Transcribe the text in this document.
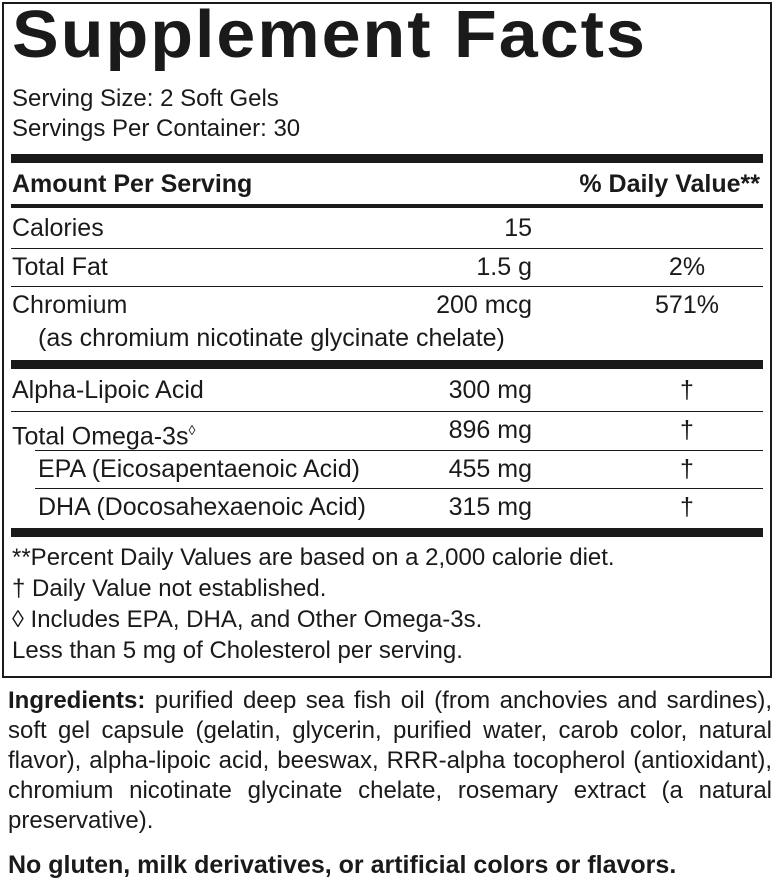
Supplement Facts
Serving Size: 2 Soft Gels
Servings Per Container: 30
Amount Per Serving	% Daily Value**
Calories	15
Total Fat	1.5 g	2%
Chromium	200 mcg	571%
(as chromium nicotinate glycinate chelate)
Alpha-Lipoic Acid	300 mg	†
Total Omega-3s◊	896 mg	†
EPA (Eicosapentaenoic Acid)	455 mg	†
DHA (Docosahexaenoic Acid)	315 mg	†
**Percent Daily Values are based on a 2,000 calorie diet.
† Daily Value not established.
◊ Includes EPA, DHA, and Other Omega-3s.
Less than 5 mg of Cholesterol per serving.
Ingredients: purified deep sea fish oil (from anchovies and sardines), soft gel capsule (gelatin, glycerin, purified water, carob color, natural flavor), alpha-lipoic acid, beeswax, RRR-alpha tocopherol (antioxidant), chromium nicotinate glycinate chelate, rosemary extract (a natural preservative).
No gluten, milk derivatives, or artificial colors or flavors.
